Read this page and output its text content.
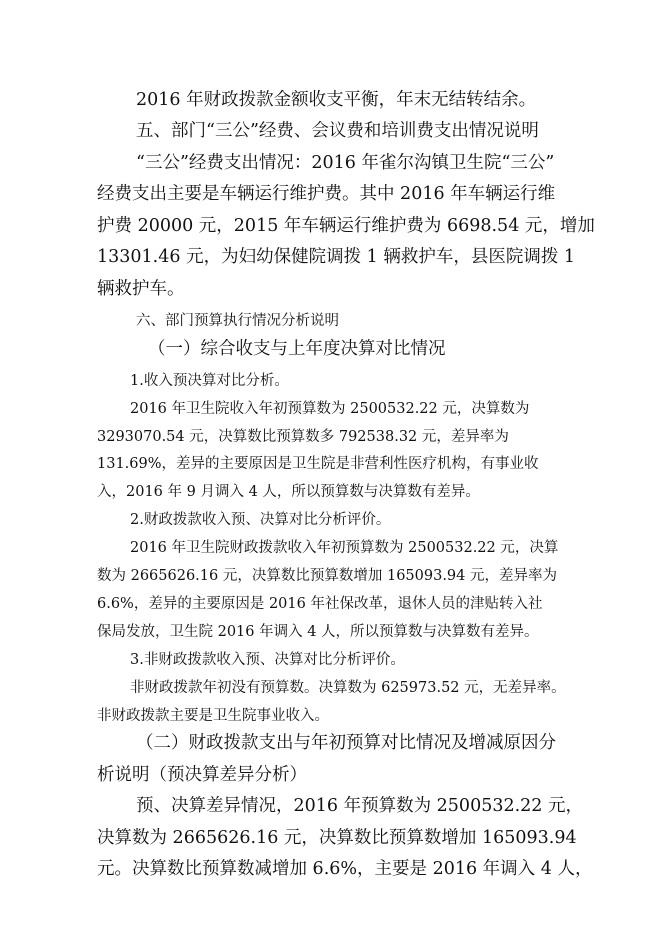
2016 年财政拨款金额收支平衡，年末无结转结余。

五、部门“三公”经费、会议费和培训费支出情况说明

“三公”经费支出情况：2016 年雀尔沟镇卫生院“三公”

经费支出主要是车辆运行维护费。其中 2016 年车辆运行维

护费 20000 元，2015 年车辆运行维护费为 6698.54 元，增加

13301.46 元，为妇幼保健院调拨 1 辆救护车，县医院调拨 1

辆救护车。

六、部门预算执行情况分析说明

（一）综合收支与上年度决算对比情况

1.收入预决算对比分析。

2016 年卫生院收入年初预算数为 2500532.22 元，决算数为

3293070.54 元，决算数比预算数多 792538.32 元，差异率为

131.69%，差异的主要原因是卫生院是非营利性医疗机构，有事业收

入，2016 年 9 月调入 4 人，所以预算数与决算数有差异。

2.财政拨款收入预、决算对比分析评价。

2016 年卫生院财政拨款收入年初预算数为 2500532.22 元，决算

数为 2665626.16 元，决算数比预算数增加 165093.94 元，差异率为

6.6%，差异的主要原因是 2016 年社保改革，退休人员的津贴转入社

保局发放，卫生院 2016 年调入 4 人，所以预算数与决算数有差异。

3.非财政拨款收入预、决算对比分析评价。

非财政拨款年初没有预算数。决算数为 625973.52 元，无差异率。

非财政拨款主要是卫生院事业收入。

（二）财政拨款支出与年初预算对比情况及增减原因分

析说明（预决算差异分析）

预、决算差异情况，2016 年预算数为 2500532.22 元，

决算数为 2665626.16 元，决算数比预算数增加 165093.94

元。决算数比预算数减增加 6.6%，主要是 2016 年调入 4 人，
